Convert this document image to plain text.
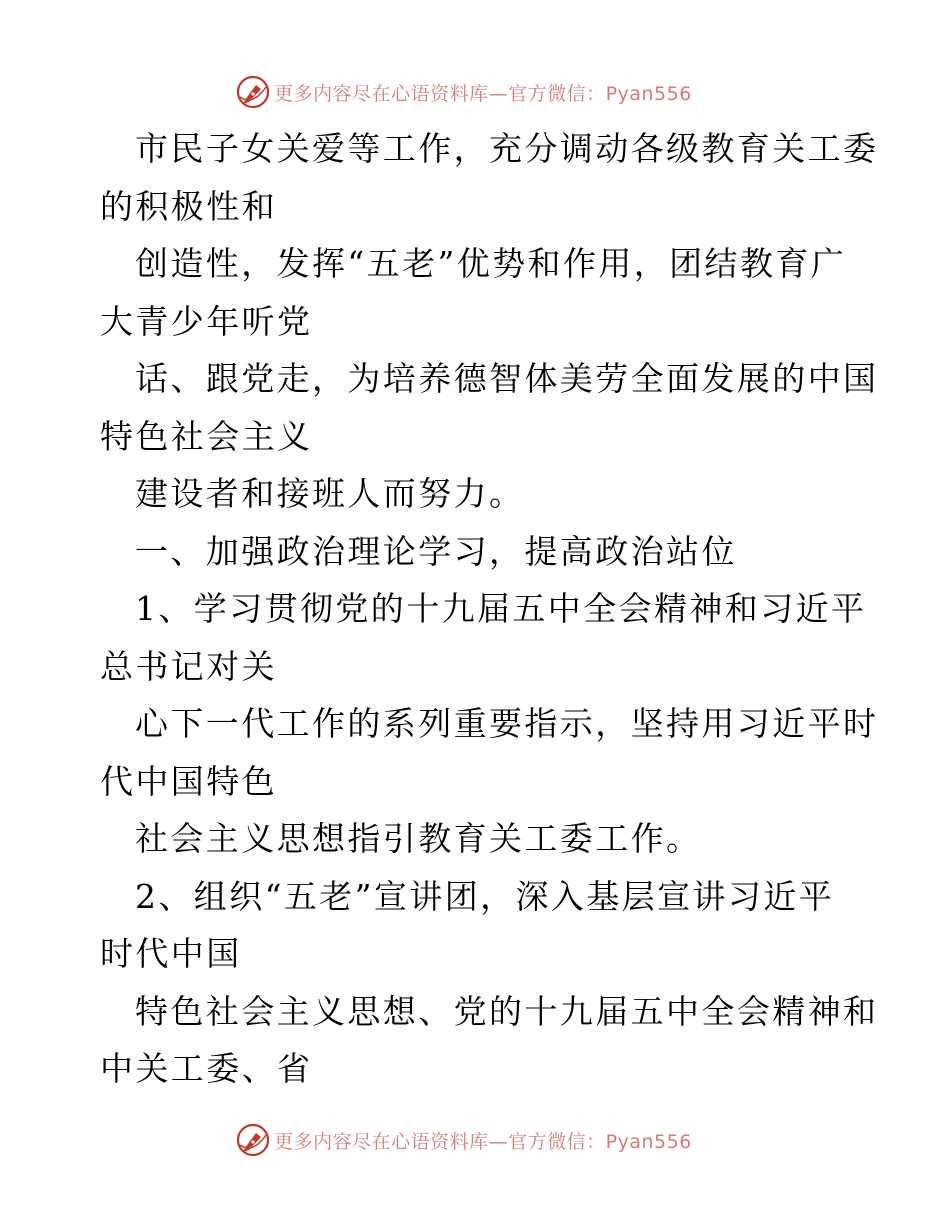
更多内容尽在心语资料库—官方微信：Pyan556
市民子女关爱等工作，充分调动各级教育关工委
的积极性和
创造性，发挥“五老”优势和作用，团结教育广
大青少年听党
话、跟党走，为培养德智体美劳全面发展的中国
特色社会主义
建设者和接班人而努力。
一、加强政治理论学习，提高政治站位
1、学习贯彻党的十九届五中全会精神和习近平
总书记对关
心下一代工作的系列重要指示，坚持用习近平时
代中国特色
社会主义思想指引教育关工委工作。
2、组织“五老”宣讲团，深入基层宣讲习近平
时代中国
特色社会主义思想、党的十九届五中全会精神和
中关工委、省
更多内容尽在心语资料库—官方微信：Pyan556
